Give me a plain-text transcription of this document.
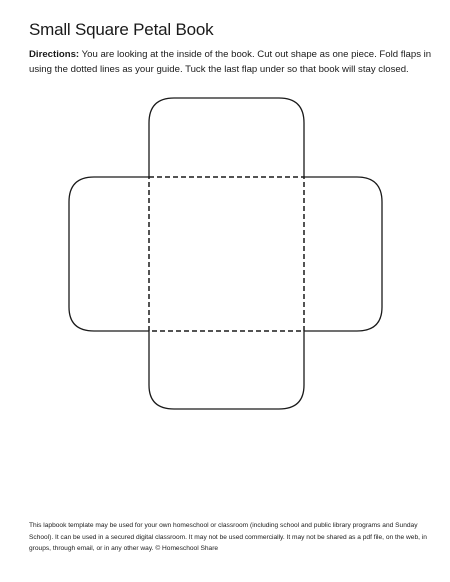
Small Square Petal Book

Directions: You are looking at the inside of the book. Cut out shape as one piece. Fold flaps in using the dotted lines as your guide. Tuck the last flap under so that book will stay closed.

This lapbook template may be used for your own homeschool or classroom (including school and public library programs and Sunday School). It can be used in a secured digital classroom. It may not be used commercially. It may not be shared as a pdf file, on the web, in groups, through email, or in any other way. © Homeschool Share
